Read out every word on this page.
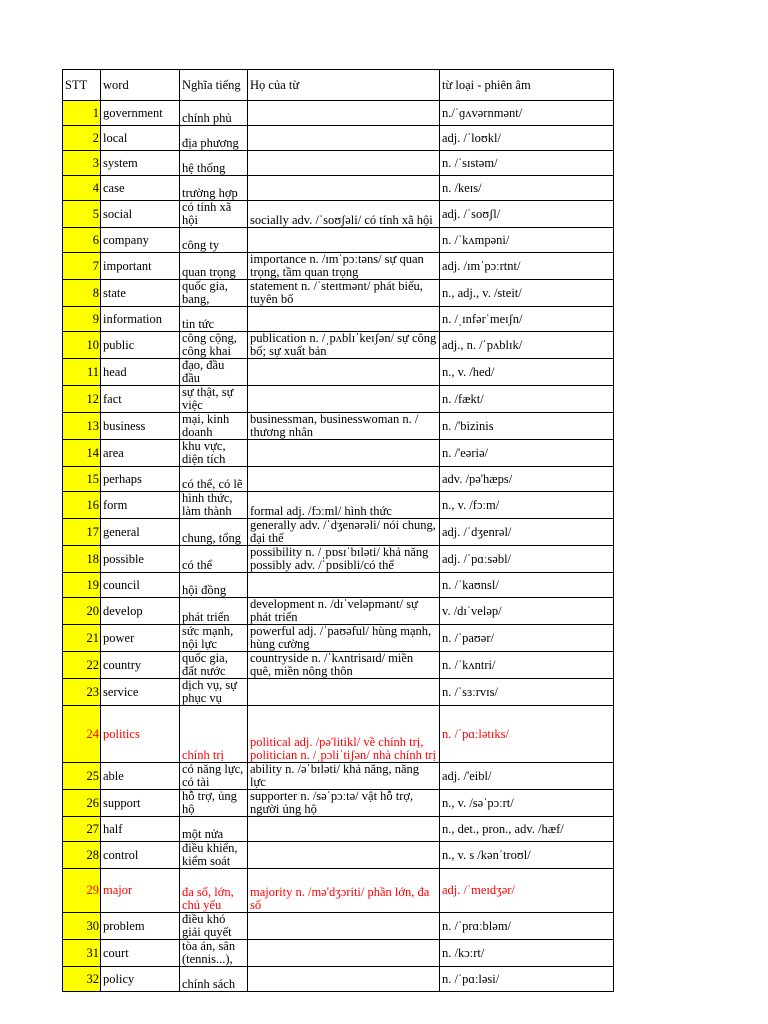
STT	word	Nghĩa tiếng	Họ của từ	từ loại - phiên âm
1	government	chính phủ		n./ˈɡʌvərnmənt/
2	local	địa phương		adj. /ˈloʊkl/
3	system	hệ thống		n. /ˈsɪstəm/
4	case	trường hợp		n. /keɪs/
5	social	có tính xã hội	socially adv. /ˈsoʊʃəli/ có tính xã hội	adj. /ˈsoʊʃl/
6	company	công ty		n. /ˈkʌmpəni/
7	important	quan trọng	importance n. /ɪmˈpɔːtəns/ sự quan trọng, tầm quan trọng	adj. /ɪmˈpɔːrtnt/
8	state	quốc gia, bang,	statement n. /ˈsteɪtmənt/ phát biểu, tuyên bố	n., adj., v. /steit/
9	information	tin tức		n. /ˌɪnfərˈmeɪʃn/
10	public	công cộng, công khai	publication n. /ˌpʌblɪˈkeɪʃən/ sự công bố; sự xuất bản	adj., n. /ˈpʌblɪk/
11	head	đạo, đầu đầu		n., v. /hed/
12	fact	sự thật, sự việc		n. /fækt/
13	business	mại, kinh doanh	businessman, businesswoman n. / thương nhân	n. /'bizinis
14	area	khu vực, diện tích		n. /'eəriə/
15	perhaps	có thể, có lẽ		adv. /pə'hæps/
16	form	hình thức, làm thành	formal adj. /fɔːml/ hình thức	n., v. /fɔːm/
17	general	chung, tổng	generally adv. /ˈdʒenərəli/ nói chung, đại thể	adj. /ˈdʒenrəl/
18	possible	có thể	possibility n. /ˌpɒsɪˈbɪləti/ khả năng possibly adv. /ˈpɒsibli/có thể	adj. /ˈpɑːsəbl/
19	council	hội đồng		n. /ˈkaʊnsl/
20	develop	phát triển	development n. /dɪˈveləpmənt/ sự phát triển	v. /dɪˈveləp/
21	power	sức mạnh, nội lực	powerful adj. /ˈpaʊəful/ hùng mạnh, hùng cường	n. /ˈpaʊər/
22	country	quốc gia, đất nước	countryside n. /ˈkʌntrisaɪd/ miền quê, miền nông thôn	n. /ˈkʌntri/
23	service	dịch vụ, sự phục vụ		n. /ˈsɜːrvɪs/
24	politics	chính trị	political adj. /pə'litikl/ về chính trị, politician n. /ˌpɔliˈtiʃən/ nhà chính trị	n. /ˈpɑːlətɪks/
25	able	có năng lực, có tài	ability n. /əˈbɪləti/ khả năng, năng lực	adj. /'eibl/
26	support	hỗ trợ, ủng hộ	supporter n. /səˈpɔːtə/ vật hỗ trợ, người ủng hộ	n., v. /səˈpɔːrt/
27	half	một nửa		n., det., pron., adv. /hæf/
28	control	điều khiển, kiểm soát		n., v. s /kənˈtroʊl/
29	major	đa số, lớn, chủ yếu	majority n. /mə'dʒɔriti/ phần lớn, đa số	adj. /ˈmeɪdʒər/
30	problem	điều khó giải quyết		n. /ˈprɑːbləm/
31	court	tòa án, sân (tennis...),		n. /kɔːrt/
32	policy	chính sách		n. /ˈpɑːləsi/
